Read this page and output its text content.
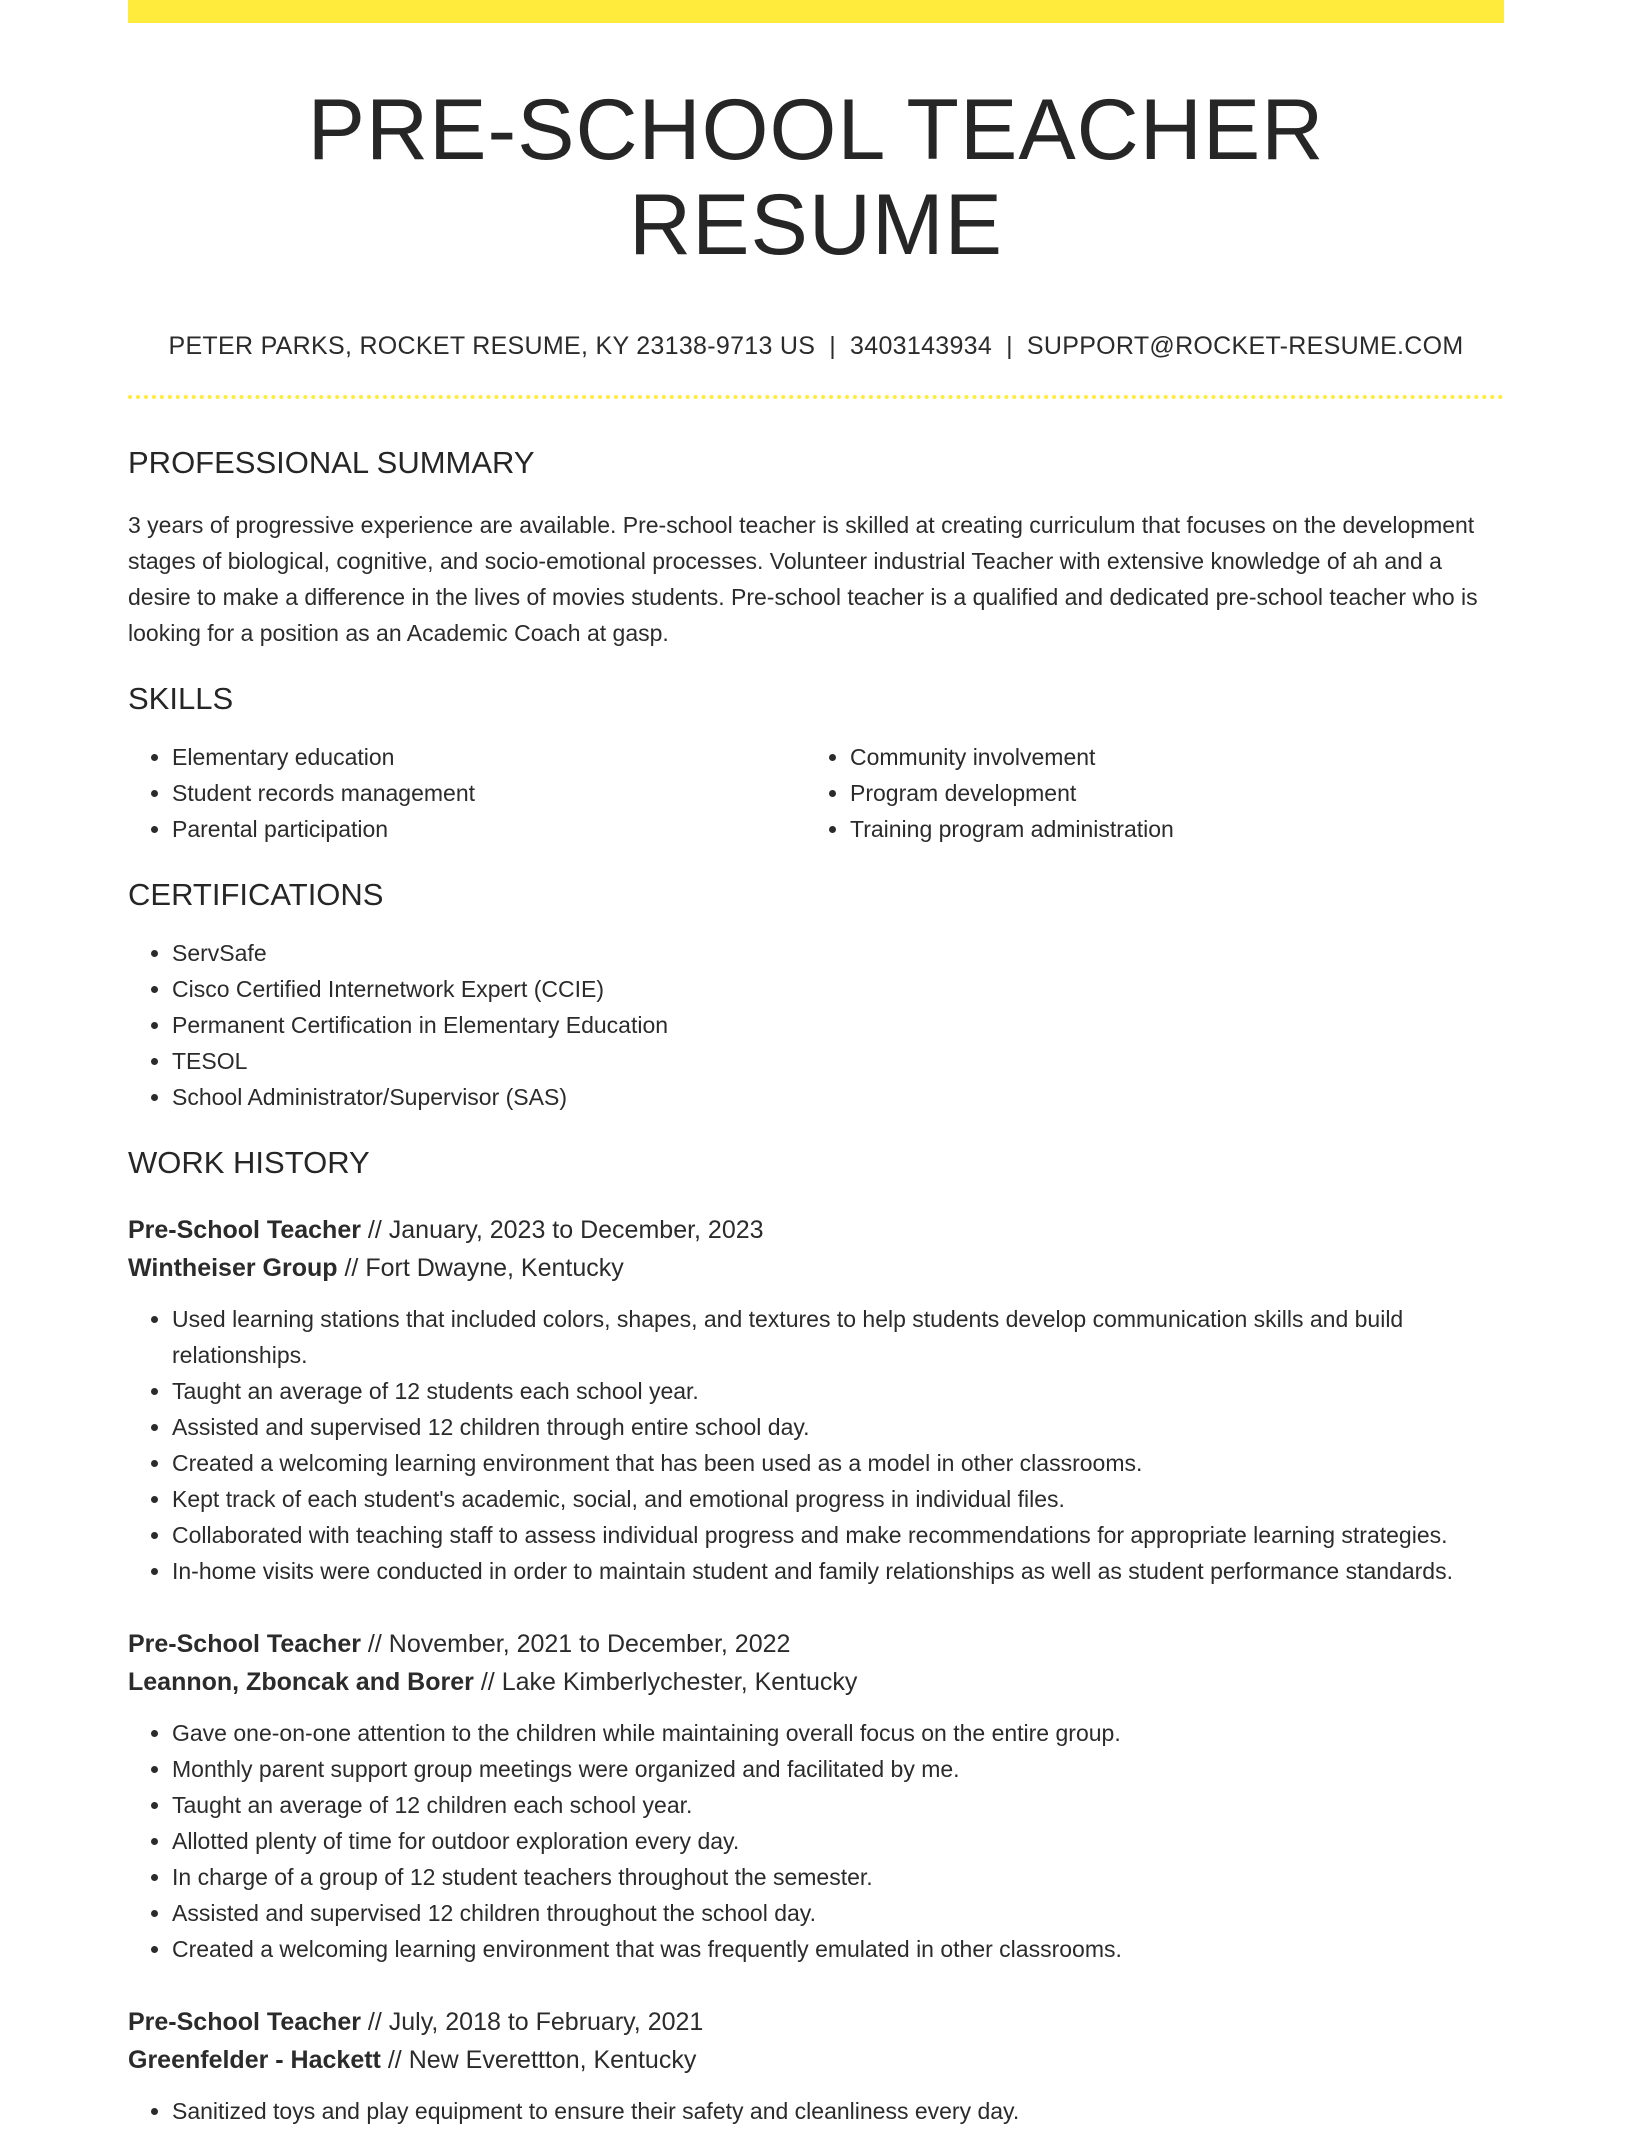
PRE-SCHOOL TEACHER RESUME
PETER PARKS, ROCKET RESUME, KY 23138-9713 US | 3403143934 | SUPPORT@ROCKET-RESUME.COM
PROFESSIONAL SUMMARY

3 years of progressive experience are available. Pre-school teacher is skilled at creating curriculum that focuses on the development stages of biological, cognitive, and socio-emotional processes. Volunteer industrial Teacher with extensive knowledge of ah and a desire to make a difference in the lives of movies students. Pre-school teacher is a qualified and dedicated pre-school teacher who is looking for a position as an Academic Coach at gasp.

SKILLS
• Elementary education
• Student records management
• Parental participation
• Community involvement
• Program development
• Training program administration
CERTIFICATIONS
• ServSafe
• Cisco Certified Internetwork Expert (CCIE)
• Permanent Certification in Elementary Education
• TESOL
• School Administrator/Supervisor (SAS)
WORK HISTORY
Pre-School Teacher // January, 2023 to December, 2023
Wintheiser Group // Fort Dwayne, Kentucky
• Used learning stations that included colors, shapes, and textures to help students develop communication skills and build relationships.
• Taught an average of 12 students each school year.
• Assisted and supervised 12 children through entire school day.
• Created a welcoming learning environment that has been used as a model in other classrooms.
• Kept track of each student's academic, social, and emotional progress in individual files.
• Collaborated with teaching staff to assess individual progress and make recommendations for appropriate learning strategies.
• In-home visits were conducted in order to maintain student and family relationships as well as student performance standards.
Pre-School Teacher // November, 2021 to December, 2022
Leannon, Zboncak and Borer // Lake Kimberlychester, Kentucky
• Gave one-on-one attention to the children while maintaining overall focus on the entire group.
• Monthly parent support group meetings were organized and facilitated by me.
• Taught an average of 12 children each school year.
• Allotted plenty of time for outdoor exploration every day.
• In charge of a group of 12 student teachers throughout the semester.
• Assisted and supervised 12 children throughout the school day.
• Created a welcoming learning environment that was frequently emulated in other classrooms.
Pre-School Teacher // July, 2018 to February, 2021
Greenfelder - Hackett // New Everettton, Kentucky
• Sanitized toys and play equipment to ensure their safety and cleanliness every day.
